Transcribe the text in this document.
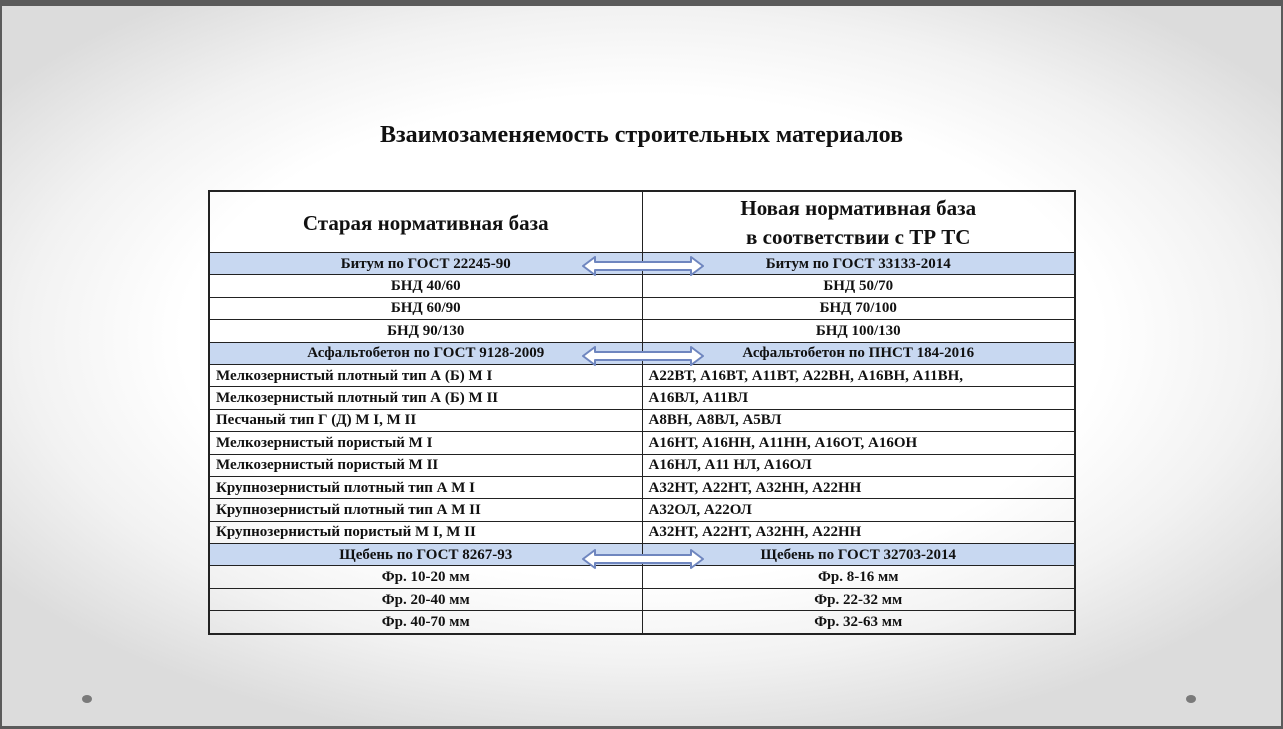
Взаимозаменяемость строительных материалов
Старая нормативная база	Новая нормативная база
в соответствии с ТР ТС
Битум по ГОСТ 22245-90	Битум по ГОСТ 33133-2014
БНД 40/60	БНД 50/70
БНД 60/90	БНД 70/100
БНД 90/130	БНД 100/130
Асфальтобетон по ГОСТ 9128-2009	Асфальтобетон по ПНСТ 184-2016
Мелкозернистый плотный тип А (Б) М I	А22ВТ, А16ВТ, А11ВТ, А22ВН, А16ВН, А11ВН,
Мелкозернистый плотный тип А (Б) М II	А16ВЛ, А11ВЛ
Песчаный тип Г (Д) М I, М II	А8ВН, А8ВЛ, А5ВЛ
Мелкозернистый пористый М I	А16НТ, А16НН, А11НН, А16ОТ, А16ОН
Мелкозернистый пористый М II	А16НЛ, А11 НЛ, А16ОЛ
Крупнозернистый плотный тип А М I	А32НТ, А22НТ, А32НН, А22НН
Крупнозернистый плотный тип А М II	А32ОЛ, А22ОЛ
Крупнозернистый пористый М I, М II	А32НТ, А22НТ, А32НН, А22НН
Щебень по ГОСТ 8267-93	Щебень по ГОСТ 32703-2014
Фр. 10-20 мм	Фр. 8-16 мм
Фр. 20-40 мм	Фр. 22-32 мм
Фр. 40-70 мм	Фр. 32-63 мм
